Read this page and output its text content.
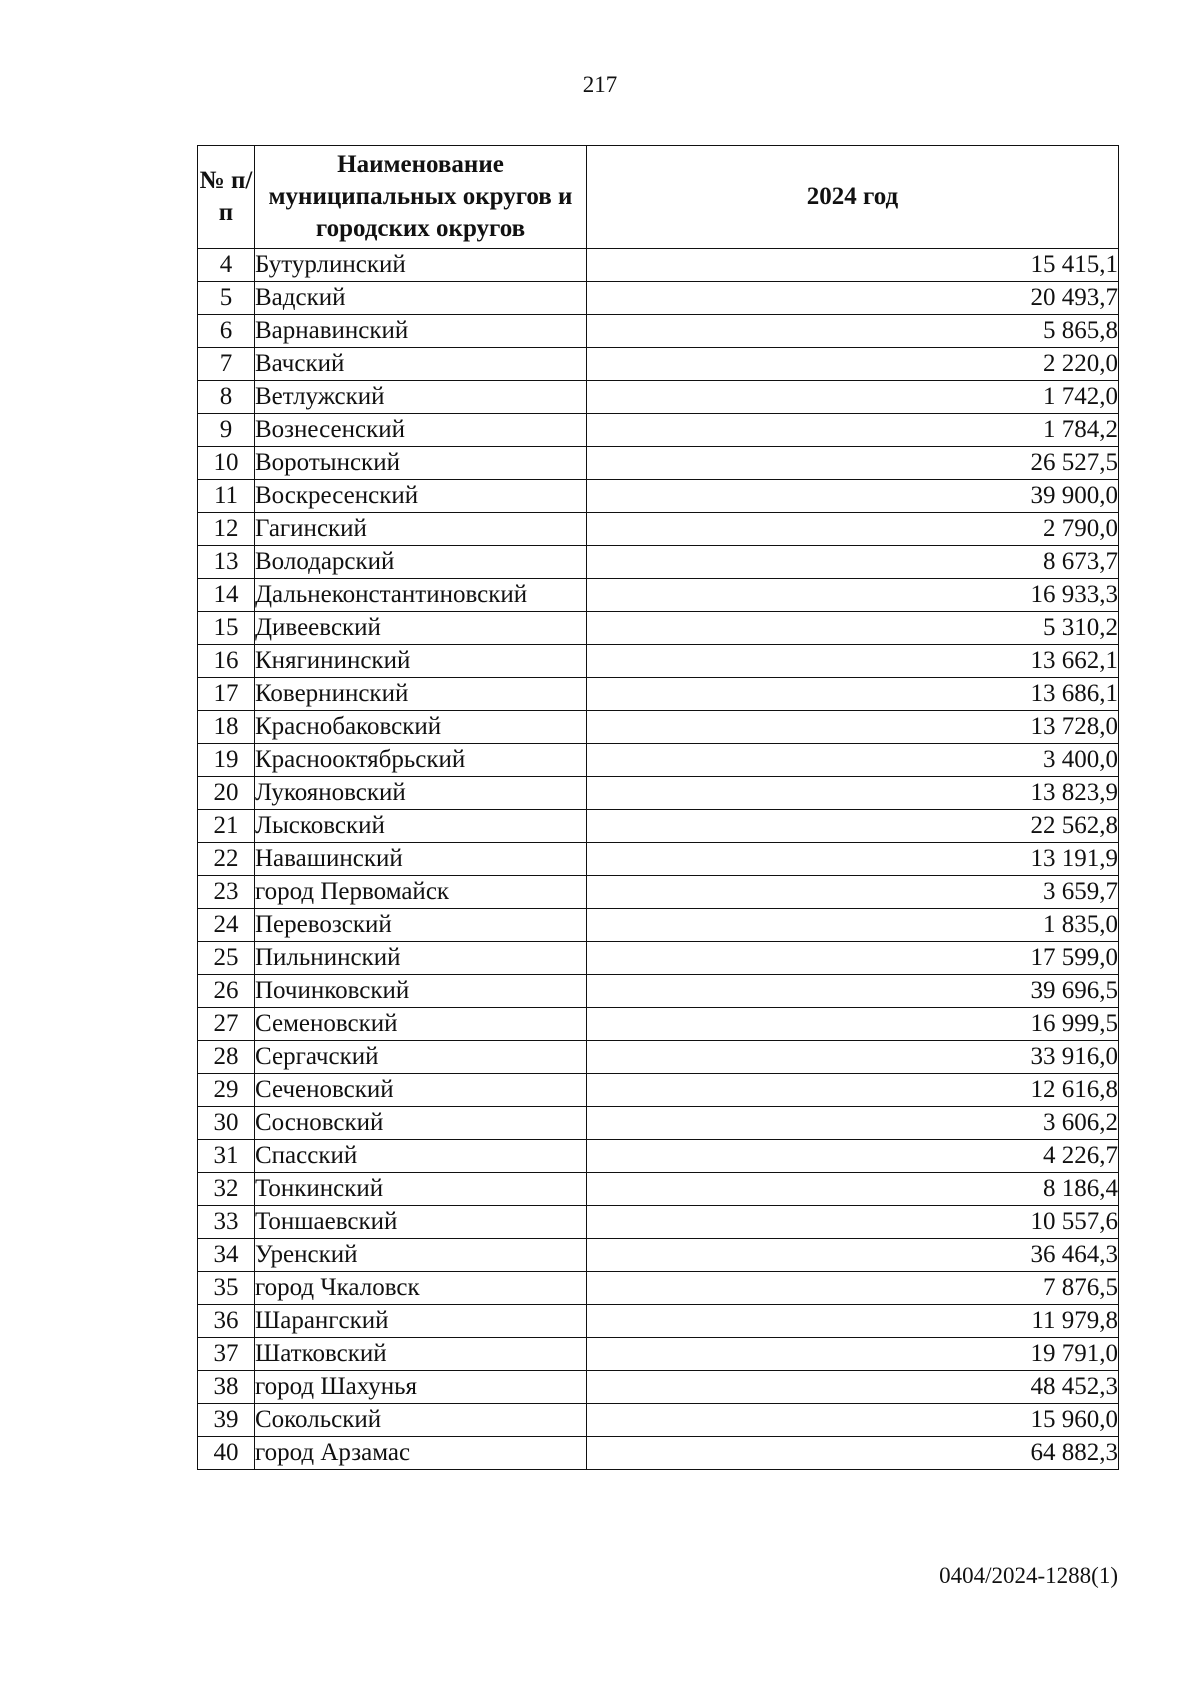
217
№ п/п	Наименование муниципальных округов и городских округов	2024 год
4	Бутурлинский	15 415,1
5	Вадский	20 493,7
6	Варнавинский	5 865,8
7	Вачский	2 220,0
8	Ветлужский	1 742,0
9	Вознесенский	1 784,2
10	Воротынский	26 527,5
11	Воскресенский	39 900,0
12	Гагинский	2 790,0
13	Володарский	8 673,7
14	Дальнеконстантиновский	16 933,3
15	Дивеевский	5 310,2
16	Княгининский	13 662,1
17	Ковернинский	13 686,1
18	Краснобаковский	13 728,0
19	Краснооктябрьский	3 400,0
20	Лукояновский	13 823,9
21	Лысковский	22 562,8
22	Навашинский	13 191,9
23	город Первомайск	3 659,7
24	Перевозский	1 835,0
25	Пильнинский	17 599,0
26	Починковский	39 696,5
27	Семеновский	16 999,5
28	Сергачский	33 916,0
29	Сеченовский	12 616,8
30	Сосновский	3 606,2
31	Спасский	4 226,7
32	Тонкинский	8 186,4
33	Тоншаевский	10 557,6
34	Уренский	36 464,3
35	город Чкаловск	7 876,5
36	Шарангский	11 979,8
37	Шатковский	19 791,0
38	город Шахунья	48 452,3
39	Сокольский	15 960,0
40	город Арзамас	64 882,3
0404/2024-1288(1)
